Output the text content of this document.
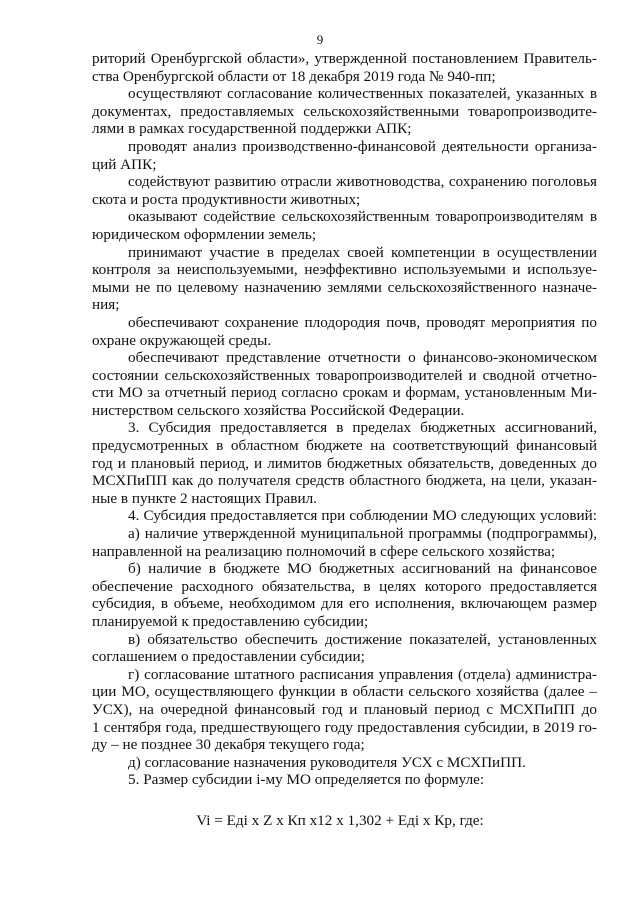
9
риторий Оренбургской области», утвержденной постановлением Правитель-
ства Оренбургской области от 18 декабря 2019 года № 940-пп;
осуществляют согласование количественных показателей, указанных в
документах, предоставляемых сельскохозяйственными товаропроизводите-
лями в рамках государственной поддержки АПК;
проводят анализ производственно-финансовой деятельности организа-
ций АПК;
содействуют развитию отрасли животноводства, сохранению поголовья
скота и роста продуктивности животных;
оказывают содействие сельскохозяйственным товаропроизводителям в
юридическом оформлении земель;
принимают участие в пределах своей компетенции в осуществлении
контроля за неиспользуемыми, неэффективно используемыми и используе-
мыми не по целевому назначению землями сельскохозяйственного назначе-
ния;
обеспечивают сохранение плодородия почв, проводят мероприятия по
охране окружающей среды.
обеспечивают представление отчетности о финансово-экономическом
состоянии сельскохозяйственных товаропроизводителей и сводной отчетно-
сти МО за отчетный период согласно срокам и формам, установленным Ми-
нистерством сельского хозяйства Российской Федерации.
3. Субсидия предоставляется в пределах бюджетных ассигнований,
предусмотренных в областном бюджете на соответствующий финансовый
год и плановый период, и лимитов бюджетных обязательств, доведенных до
МСХПиПП как до получателя средств областного бюджета, на цели, указан-
ные в пункте 2 настоящих Правил.
4. Субсидия предоставляется при соблюдении МО следующих условий:
а) наличие утвержденной муниципальной программы (подпрограммы),
направленной на реализацию полномочий в сфере сельского хозяйства;
б) наличие в бюджете МО бюджетных ассигнований на финансовое
обеспечение расходного обязательства, в целях которого предоставляется
субсидия, в объеме, необходимом для его исполнения, включающем размер
планируемой к предоставлению субсидии;
в) обязательство обеспечить достижение показателей, установленных
соглашением о предоставлении субсидии;
г) согласование штатного расписания управления (отдела) администра-
ции МО, осуществляющего функции в области сельского хозяйства (далее –
УСХ), на очередной финансовый год и плановый период с МСХПиПП до
1 сентября года, предшествующего году предоставления субсидии, в 2019 го-
ду – не позднее 30 декабря текущего года;
д) согласование назначения руководителя УСХ с МСХПиПП.
5. Размер субсидии i-му МО определяется по формуле:
Vi = Eдi x Z x Кп x12 x 1,302 + Eдi x Кр, где:
